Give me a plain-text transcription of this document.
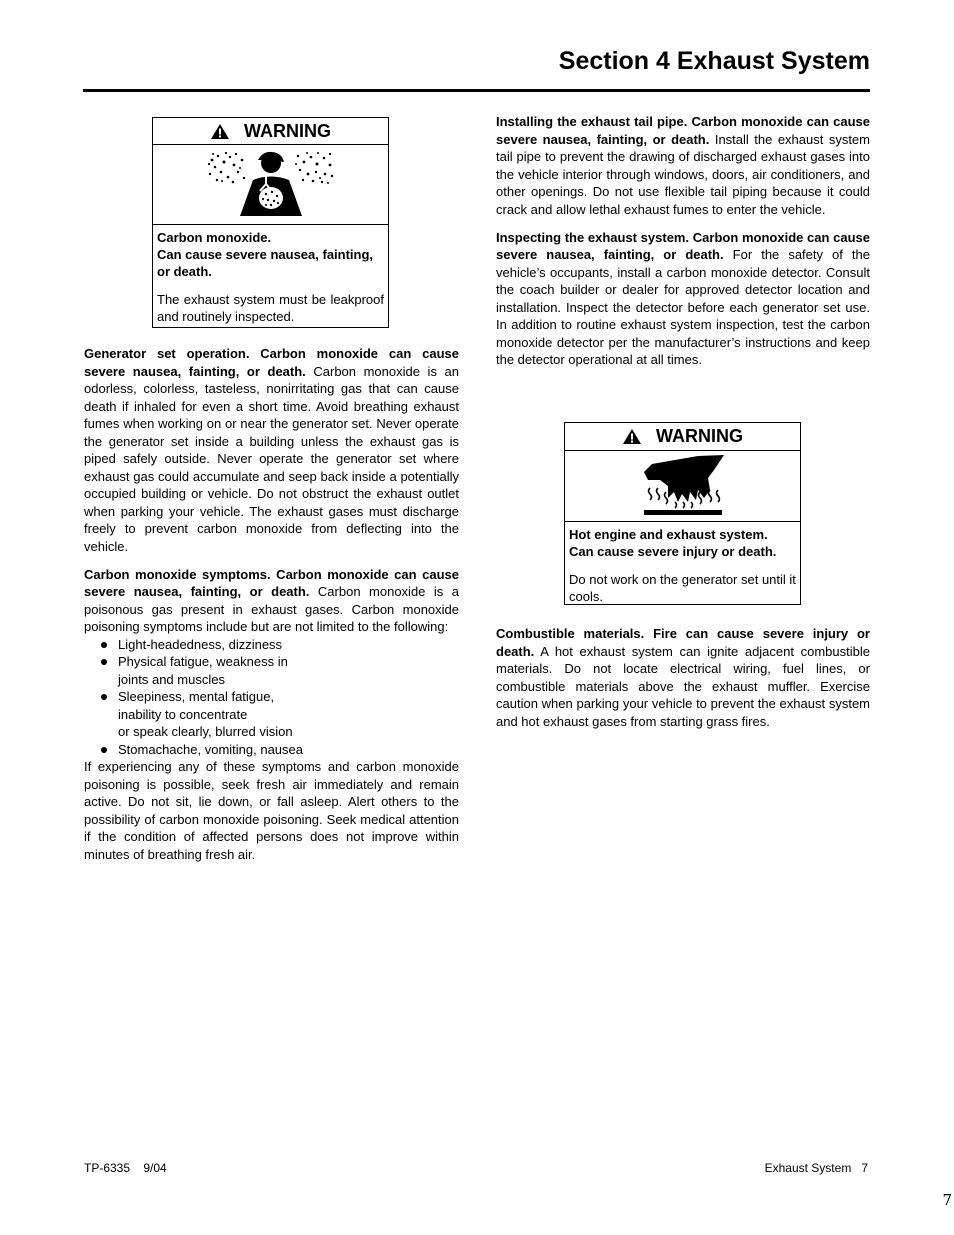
Section 4 Exhaust System
WARNING

Carbon monoxide.
Can cause severe nausea, fainting, or death.

The exhaust system must be leakproof and routinely inspected.

Generator set operation. Carbon monoxide can cause severe nausea, fainting, or death. Carbon monoxide is an odorless, colorless, tasteless, nonirritating gas that can cause death if inhaled for even a short time. Avoid breathing exhaust fumes when working on or near the generator set. Never operate the generator set inside a building unless the exhaust gas is piped safely outside. Never operate the generator set where exhaust gas could accumulate and seep back inside a potentially occupied building or vehicle. Do not obstruct the exhaust outlet when parking your vehicle. The exhaust gases must discharge freely to prevent carbon monoxide from deflecting into the vehicle.

Carbon monoxide symptoms. Carbon monoxide can cause severe nausea, fainting, or death. Carbon monoxide is a poisonous gas present in exhaust gases. Carbon monoxide poisoning symptoms include but are not limited to the following:

Light-headedness, dizziness
Physical fatigue, weakness in
joints and muscles
Sleepiness, mental fatigue,
inability to concentrate
or speak clearly, blurred vision
Stomachache, vomiting, nausea

If experiencing any of these symptoms and carbon monoxide poisoning is possible, seek fresh air immediately and remain active. Do not sit, lie down, or fall asleep. Alert others to the possibility of carbon monoxide poisoning. Seek medical attention if the condition of affected persons does not improve within minutes of breathing fresh air.

Installing the exhaust tail pipe. Carbon monoxide can cause severe nausea, fainting, or death. Install the exhaust system tail pipe to prevent the drawing of discharged exhaust gases into the vehicle interior through windows, doors, air conditioners, and other openings. Do not use flexible tail piping because it could crack and allow lethal exhaust fumes to enter the vehicle.

Inspecting the exhaust system. Carbon monoxide can cause severe nausea, fainting, or death. For the safety of the vehicle’s occupants, install a carbon monoxide detector. Consult the coach builder or dealer for approved detector location and installation. Inspect the detector before each generator set use. In addition to routine exhaust system inspection, test the carbon monoxide detector per the manufacturer’s instructions and keep the detector operational at all times.

WARNING

Hot engine and exhaust system.
Can cause severe injury or death.

Do not work on the generator set until it cools.

Combustible materials. Fire can cause severe injury or death. A hot exhaust system can ignite adjacent combustible materials. Do not locate electrical wiring, fuel lines, or combustible materials above the exhaust muffler. Exercise caution when parking your vehicle to prevent the exhaust system and hot exhaust gases from starting grass fires.

TP-6335    9/04	Exhaust System   7
7
